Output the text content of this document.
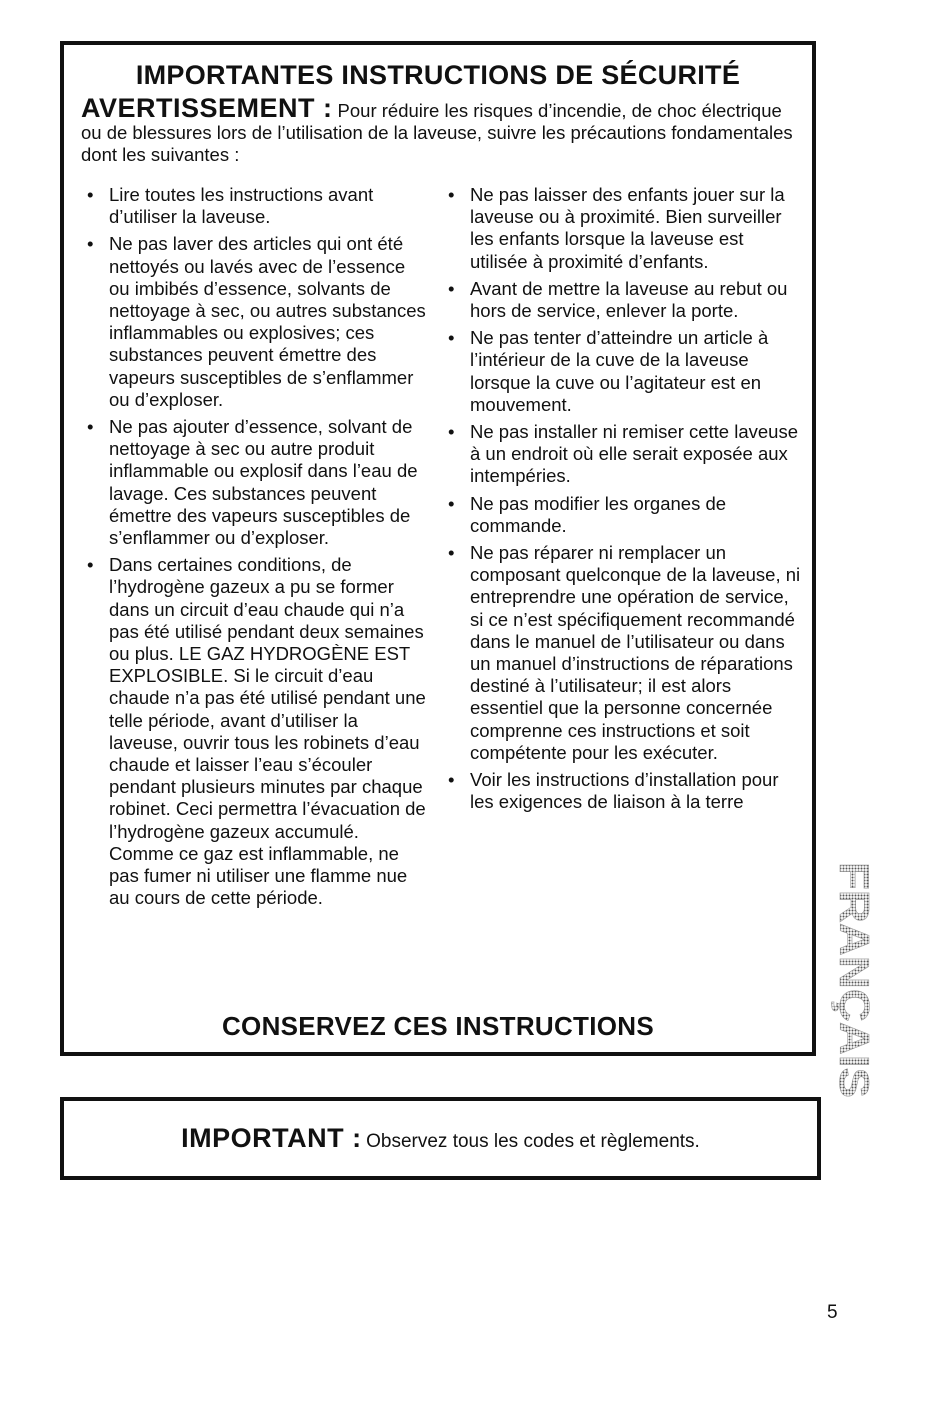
IMPORTANTES INSTRUCTIONS DE SÉCURITÉ
AVERTISSEMENT : Pour réduire les risques d’incendie, de choc électrique ou de blessures lors de l’utilisation de la laveuse, suivre les précautions fondamentales dont les suivantes :
• Lire toutes les instructions avant d’utiliser la laveuse.
• Ne pas laver des articles qui ont été nettoyés ou lavés avec de l’essence ou imbibés d’essence, solvants de nettoyage à sec, ou autres substances inflammables ou explosives; ces substances peuvent émettre des vapeurs susceptibles de s’enflammer ou d’exploser.
• Ne pas ajouter d’essence, solvant de nettoyage à sec ou autre produit inflammable ou explosif dans l’eau de lavage. Ces substances peuvent émettre des vapeurs susceptibles de s’enflammer ou d’exploser.
• Dans certaines conditions, de l’hydrogène gazeux a pu se former dans un circuit d’eau chaude qui n’a pas été utilisé pendant deux semaines ou plus. LE GAZ HYDROGÈNE EST EXPLOSIBLE. Si le circuit d’eau chaude n’a pas été utilisé pendant une telle période, avant d’utiliser la laveuse, ouvrir tous les robinets d’eau chaude et laisser l’eau s’écouler pendant plusieurs minutes par chaque robinet. Ceci permettra l’évacuation de l’hydrogène gazeux accumulé. Comme ce gaz est inflammable, ne pas fumer ni utiliser une flamme nue au cours de cette période.
• Ne pas laisser des enfants jouer sur la laveuse ou à proximité. Bien surveiller les enfants lorsque la laveuse est utilisée à proximité d’enfants.
• Avant de mettre la laveuse au rebut ou hors de service, enlever la porte.
• Ne pas tenter d’atteindre un article à l’intérieur de la cuve de la laveuse lorsque la cuve ou l’agitateur est en mouvement.
• Ne pas installer ni remiser cette laveuse à un endroit où elle serait exposée aux intempéries.
• Ne pas modifier les organes de commande.
• Ne pas réparer ni remplacer un composant quelconque de la laveuse, ni entreprendre une opération de service, si ce n’est spécifiquement recommandé dans le manuel de l’utilisateur ou dans un manuel d’instructions de réparations destiné à l’utilisateur; il est alors essentiel que la personne concernée comprenne ces instructions et soit compétente pour les exécuter.
• Voir les instructions d’installation pour les exigences de liaison à la terre
CONSERVEZ CES INSTRUCTIONS	FRANÇAIS
IMPORTANT : Observez tous les codes et règlements.
5
